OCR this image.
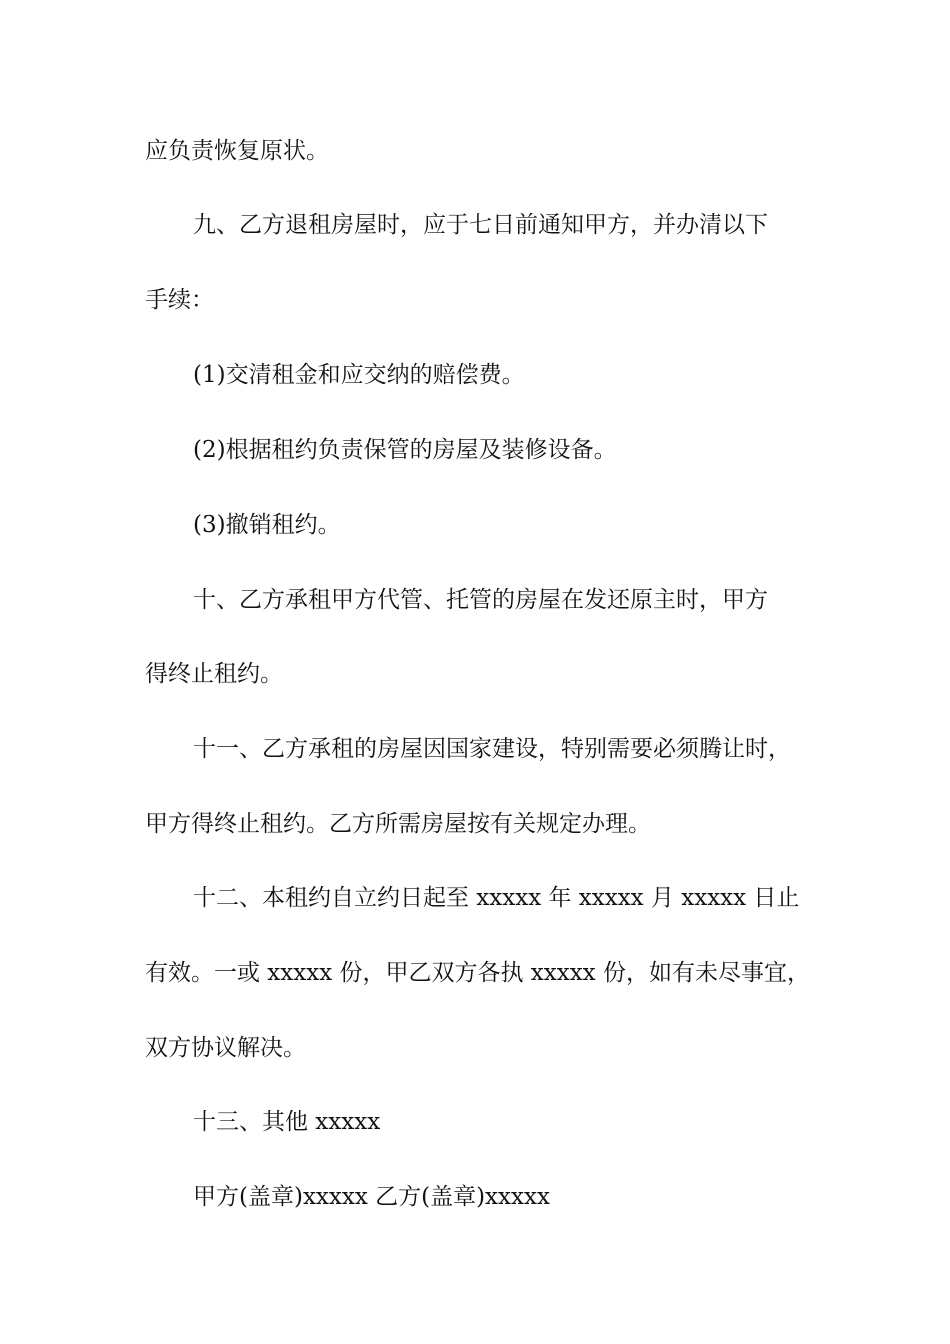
应负责恢复原状。
九、乙方退租房屋时，应于七日前通知甲方，并办清以下
手续：
(1)交清租金和应交纳的赔偿费。
(2)根据租约负责保管的房屋及装修设备。
(3)撤销租约。
十、乙方承租甲方代管、托管的房屋在发还原主时，甲方
得终止租约。
十一、乙方承租的房屋因国家建设，特别需要必须腾让时，
甲方得终止租约。乙方所需房屋按有关规定办理。
十二、本租约自立约日起至 xxxxx 年 xxxxx 月 xxxxx 日止
有效。一或 xxxxx 份，甲乙双方各执 xxxxx 份，如有未尽事宜，
双方协议解决。
十三、其他 xxxxx
甲方(盖章)xxxxx 乙方(盖章)xxxxx
